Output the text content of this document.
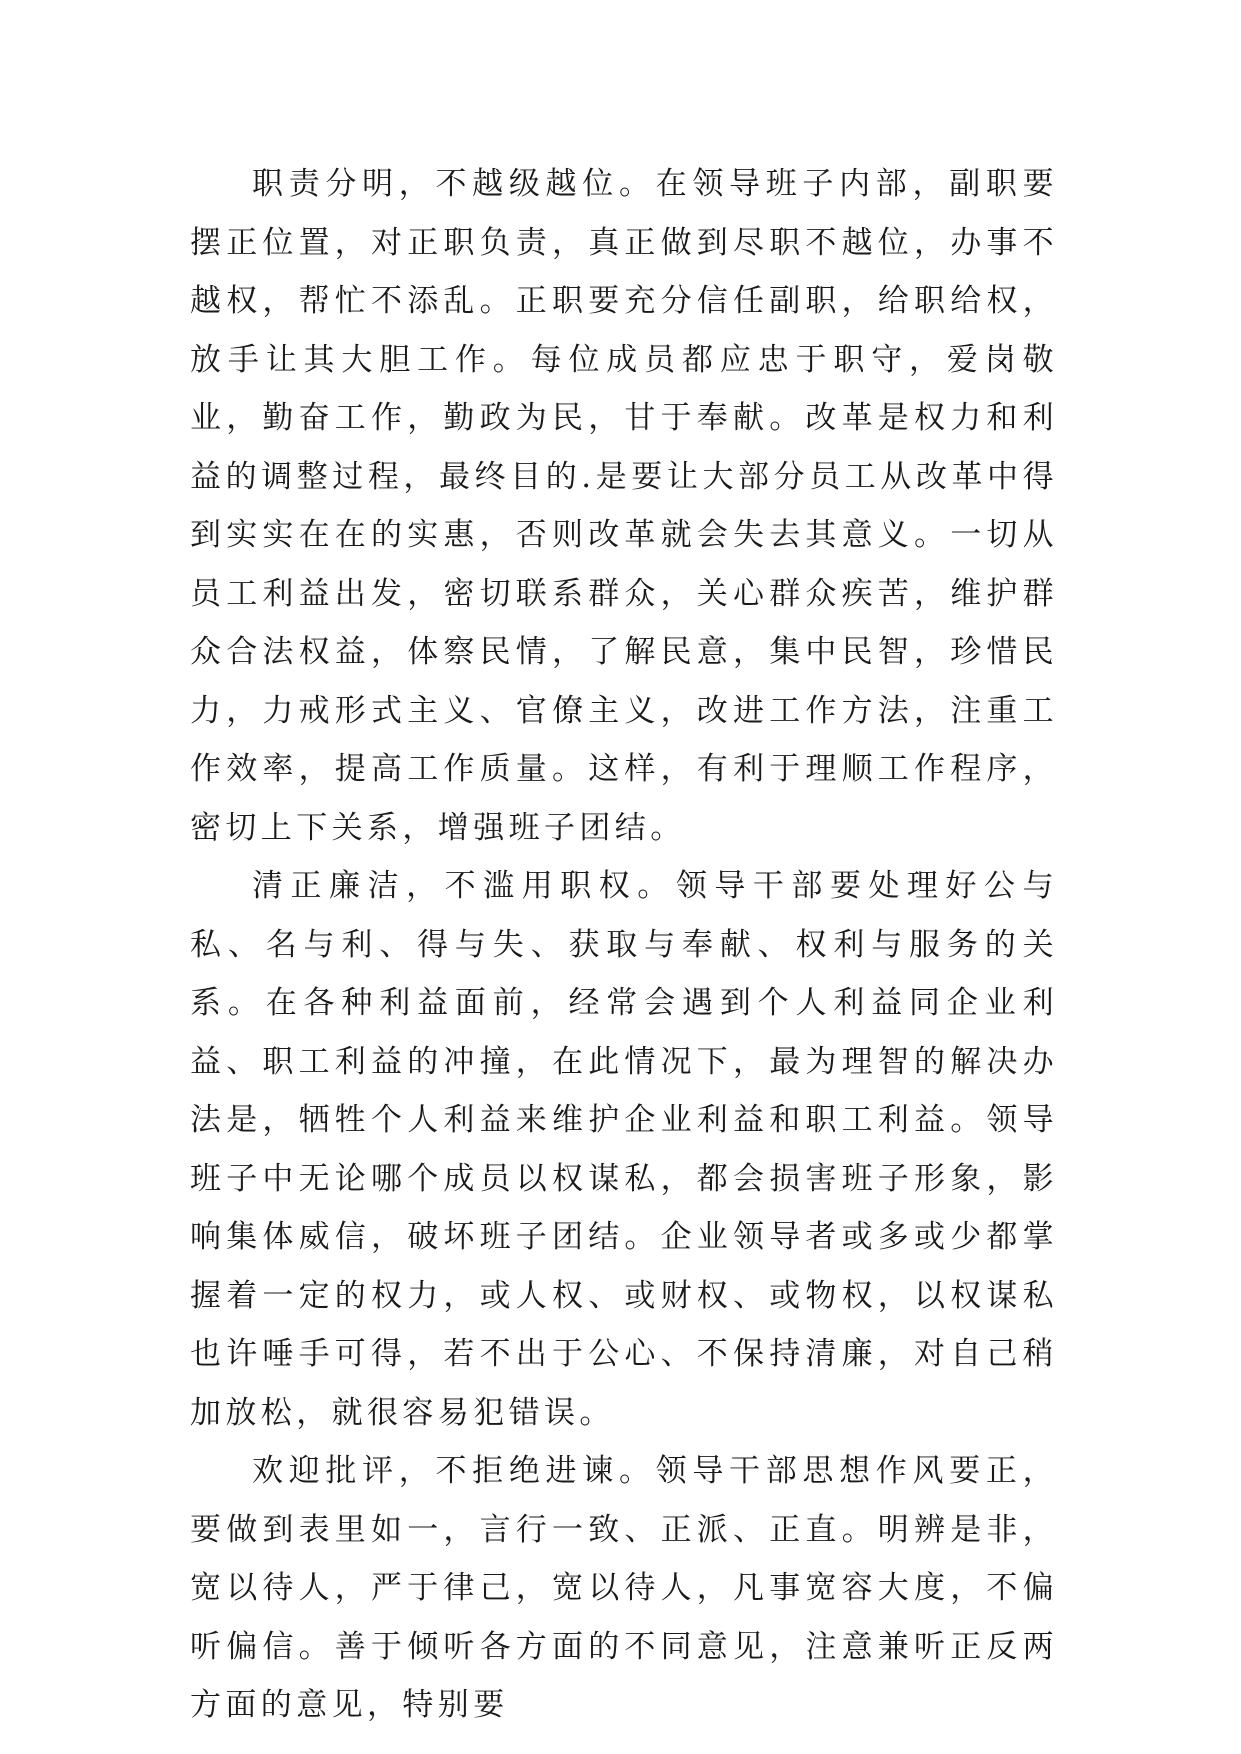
职责分明，不越级越位。在领导班子内部，副职要摆正位置，对正职负责，真正做到尽职不越位，办事不越权，帮忙不添乱。正职要充分信任副职，给职给权，放手让其大胆工作。每位成员都应忠于职守，爱岗敬业，勤奋工作，勤政为民，甘于奉献。改革是权力和利益的调整过程，最终目的.是要让大部分员工从改革中得到实实在在的实惠，否则改革就会失去其意义。一切从员工利益出发，密切联系群众，关心群众疾苦，维护群众合法权益，体察民情，了解民意，集中民智，珍惜民力，力戒形式主义、官僚主义，改进工作方法，注重工作效率，提高工作质量。这样，有利于理顺工作程序，密切上下关系，增强班子团结。

清正廉洁，不滥用职权。领导干部要处理好公与私、名与利、得与失、获取与奉献、权利与服务的关系。在各种利益面前，经常会遇到个人利益同企业利益、职工利益的冲撞，在此情况下，最为理智的解决办法是，牺牲个人利益来维护企业利益和职工利益。领导班子中无论哪个成员以权谋私，都会损害班子形象，影响集体威信，破坏班子团结。企业领导者或多或少都掌握着一定的权力，或人权、或财权、或物权，以权谋私也许唾手可得，若不出于公心、不保持清廉，对自己稍加放松，就很容易犯错误。

欢迎批评，不拒绝进谏。领导干部思想作风要正，要做到表里如一，言行一致、正派、正直。明辨是非，宽以待人，严于律己，宽以待人，凡事宽容大度，不偏听偏信。善于倾听各方面的不同意见，注意兼听正反两方面的意见，特别要
